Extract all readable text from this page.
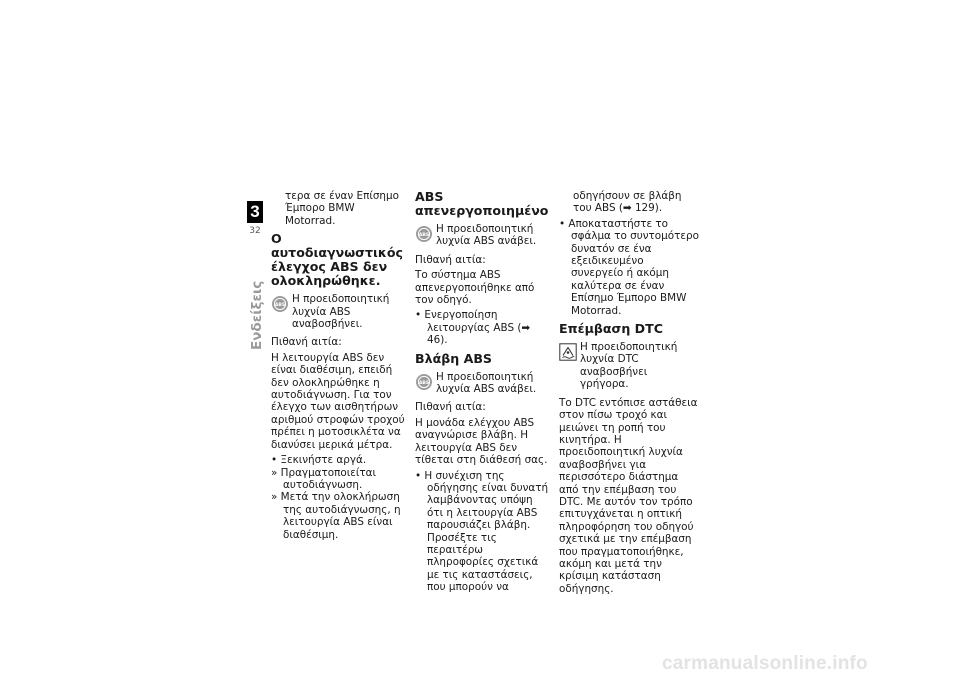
3
32
Ενδείξεις
τερα σε έναν Επίσημο Έμπορο BMW Motorrad.
Ο αυτοδιαγνωστικός έλεγχος ABS δεν ολοκληρώθηκε.
ABS
Η προειδοποιητική λυχνία ABS αναβοσβήνει.
Πιθανή αιτία:
Η λειτουργία ABS δεν είναι διαθέσιμη, επειδή δεν ολοκληρώθηκε η αυτοδιάγνωση. Για τον έλεγχο των αισθητήρων αριθμού στροφών τροχού πρέπει η μοτοσικλέτα να διανύσει μερικά μέτρα.
• Ξεκινήστε αργά.
» Πραγματοποιείται αυτοδιάγνωση.
» Μετά την ολοκλήρωση της αυτοδιάγνωσης, η λειτουργία ABS είναι διαθέσιμη.
ABS απενεργοποιημένο
ABS
Η προειδοποιητική λυχνία ABS ανάβει.
Πιθανή αιτία:
Το σύστημα ABS απενεργοποιήθηκε από τον οδηγό.
• Ενεργοποίηση λειτουργίας ABS (➡ 46).
Βλάβη ABS
ABS
Η προειδοποιητική λυχνία ABS ανάβει.
Πιθανή αιτία:
Η μονάδα ελέγχου ABS αναγνώρισε βλάβη. Η λειτουργία ABS δεν τίθεται στη διάθεσή σας.
• Η συνέχιση της οδήγησης είναι δυνατή λαμβάνοντας υπόψη ότι η λειτουργία ABS παρουσιάζει βλάβη. Προσέξτε τις περαιτέρω πληροφορίες σχετικά με τις καταστάσεις, που μπορούν να
οδηγήσουν σε βλάβη του ABS (➡ 129).
• Αποκαταστήστε το σφάλμα το συντομότερο δυνατόν σε ένα εξειδικευμένο συνεργείο ή ακόμη καλύτερα σε έναν Επίσημο Έμπορο BMW Motorrad.
Επέμβαση DTC
Η προειδοποιητική λυχνία DTC αναβοσβήνει γρήγορα.
Το DTC εντόπισε αστάθεια στον πίσω τροχό και μειώνει τη ροπή του κινητήρα. Η προειδοποιητική λυχνία αναβοσβήνει για περισσότερο διάστημα από την επέμβαση του DTC. Με αυτόν τον τρόπο επιτυγχάνεται η οπτική πληροφόρηση του οδηγού σχετικά με την επέμβαση που πραγματοποιήθηκε, ακόμη και μετά την κρίσιμη κατάσταση οδήγησης.
carmanualsonline.info
